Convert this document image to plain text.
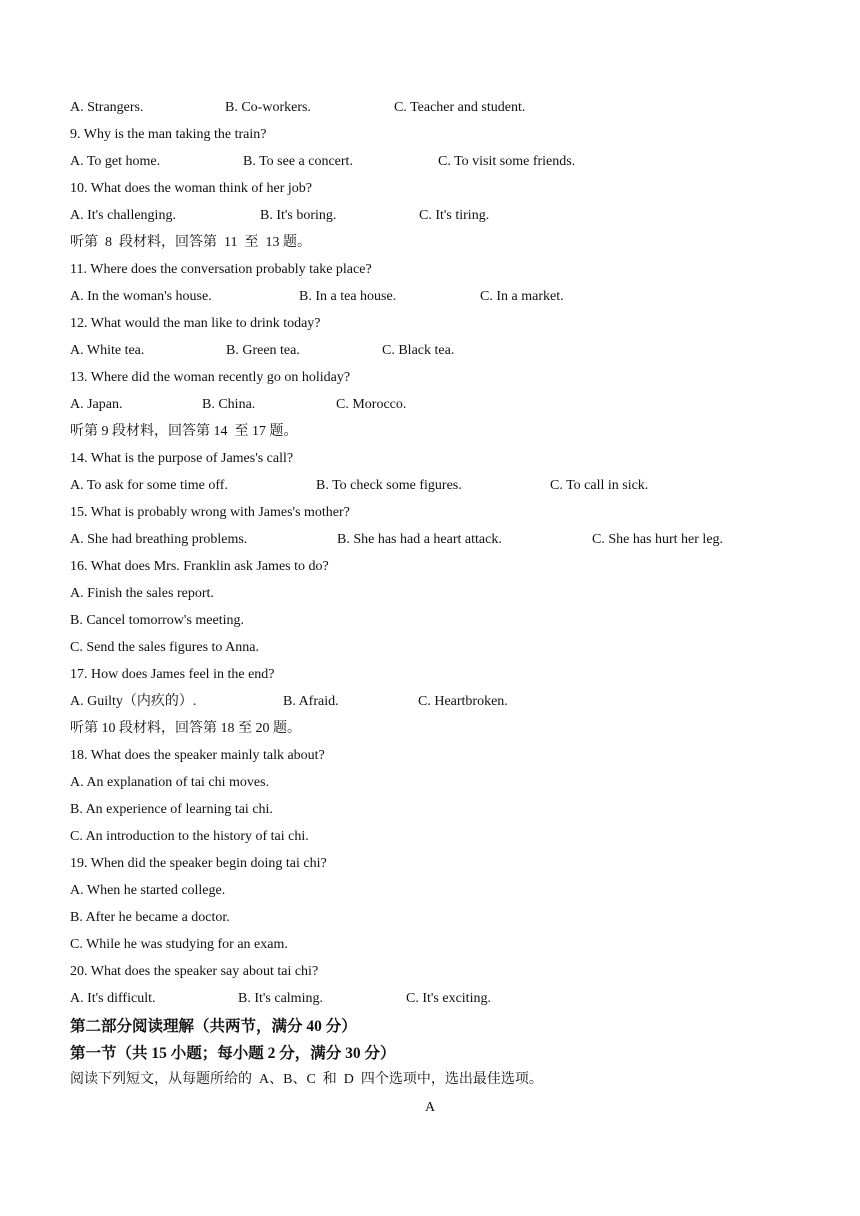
A. Strangers.	B. Co-workers.	C. Teacher and student.
9. Why is the man taking the train?
A. To get home.	B. To see a concert.	C. To visit some friends.
10. What does the woman think of her job?
A. It's challenging.	B. It's boring.	C. It's tiring.
听第  8  段材料，回答第  11  至  13 题。
11. Where does the conversation probably take place?
A. In the woman's house.	B. In a tea house.	C. In a market.
12. What would the man like to drink today?
A. White tea.	B. Green tea.	C. Black tea.
13. Where did the woman recently go on holiday?
A. Japan.	B. China.	C. Morocco.
听第 9 段材料，回答第 14  至 17 题。
14. What is the purpose of James's call?
A. To ask for some time off.	B. To check some figures.	C. To call in sick.
15. What is probably wrong with James's mother?
A. She had breathing problems.	B. She has had a heart attack.	C. She has hurt her leg.
16. What does Mrs. Franklin ask James to do?
A. Finish the sales report.
B. Cancel tomorrow's meeting.
C. Send the sales figures to Anna.
17. How does James feel in the end?
A. Guilty（内疚的）.	B. Afraid.	C. Heartbroken.
听第 10 段材料，回答第 18 至 20 题。
18. What does the speaker mainly talk about?
A. An explanation of tai chi moves.
B. An experience of learning tai chi.
C. An introduction to the history of tai chi.
19. When did the speaker begin doing tai chi?
A. When he started college.
B. After he became a doctor.
C. While he was studying for an exam.
20. What does the speaker say about tai chi?
A. It's difficult.	B. It's calming.	C. It's exciting.
第二部分阅读理解（共两节，满分 40 分）
第一节（共 15 小题；每小题 2 分，满分 30 分）
阅读下列短文，从每题所给的  A、B、C  和  D  四个选项中，选出最佳选项。
A
